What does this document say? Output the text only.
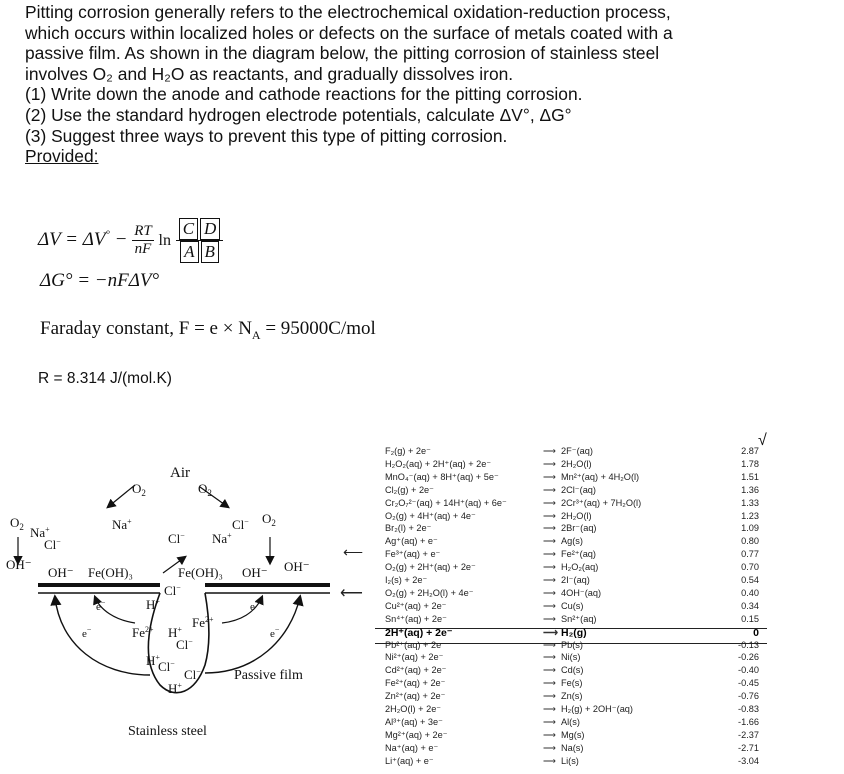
Pitting corrosion generally refers to the electrochemical oxidation-reduction process,
which occurs within localized holes or defects on the surface of metals coated with a
passive film. As shown in the diagram below, the pitting corrosion of stainless steel
involves O₂ and H₂O as reactants, and gradually dissolves iron.
(1) Write down the anode and cathode reactions for the pitting corrosion.
(2) Use the standard hydrogen electrode potentials, calculate ΔV°, ΔG°
(3) Suggest three ways to prevent this type of pitting corrosion.
Provided:
$\Delta V = \Delta V^\circ - \frac{RT}{nF}$ $\ln \frac{\text{C D}}{\text{A B}}$
ΔG° = −nFΔV°
Faraday constant, $F = e \times N_A = 95000C/mol$
R = 8.314 J/(mol.K)
Air
$O_2$	$O_2$
$O_2$
$O_2$
Na+
Cl−
Na+
Cl− Na+
Cl−
OH⁻
OH⁻ Fe(OH)₃	Fe(OH)₃ OH⁻ OH⁻
H+
Cl−
e−	e−
e−	e−
$Fe^{2+}$ H+
Cl−
$Fe^{2+}$
H+
Cl−
Cl−
H+
Passive film
Stainless steel
⟵
⟵
F₂(g) + 2e⁻	⟶ 2F⁻(aq)	2.87
H₂O₂(aq) + 2H⁺(aq) + 2e⁻	⟶ 2H₂O(l)	1.78
MnO₄⁻(aq) + 8H⁺(aq) + 5e⁻	⟶ Mn²⁺(aq) + 4H₂O(l)	1.51
Cl₂(g) + 2e⁻	⟶ 2Cl⁻(aq)	1.36
Cr₂O₇²⁻(aq) + 14H⁺(aq) + 6e⁻	⟶ 2Cr³⁺(aq) + 7H₂O(l)	1.33
O₂(g) + 4H⁺(aq) + 4e⁻	⟶ 2H₂O(l)	1.23
Br₂(l) + 2e⁻	⟶ 2Br⁻(aq)	1.09
Ag⁺(aq) + e⁻	⟶ Ag(s)	0.80
Fe³⁺(aq) + e⁻	⟶ Fe²⁺(aq)	0.77
O₂(g) + 2H⁺(aq) + 2e⁻	⟶ H₂O₂(aq)	0.70
I₂(s) + 2e⁻	⟶ 2I⁻(aq)	0.54
O₂(g) + 2H₂O(l) + 4e⁻	⟶ 4OH⁻(aq)	0.40
Cu²⁺(aq) + 2e⁻	⟶ Cu(s)	0.34
Sn⁴⁺(aq) + 2e⁻	⟶ Sn²⁺(aq)	0.15
2H⁺(aq) + 2e⁻	⟶ H₂(g)	0
Pb²⁺(aq) + 2e⁻	⟶ Pb(s)	-0.13
Ni²⁺(aq) + 2e⁻	⟶ Ni(s)	-0.26
Cd²⁺(aq) + 2e⁻	⟶ Cd(s)	-0.40
Fe²⁺(aq) + 2e⁻	⟶ Fe(s)	-0.45
Zn²⁺(aq) + 2e⁻	⟶ Zn(s)	-0.76
2H₂O(l) + 2e⁻	⟶ H₂(g) + 2OH⁻(aq)	-0.83
Al³⁺(aq) + 3e⁻	⟶ Al(s)	-1.66
Mg²⁺(aq) + 2e⁻	⟶ Mg(s)	-2.37
Na⁺(aq) + e⁻	⟶ Na(s)	-2.71
Li⁺(aq) + e⁻	⟶ Li(s)	-3.04
√
